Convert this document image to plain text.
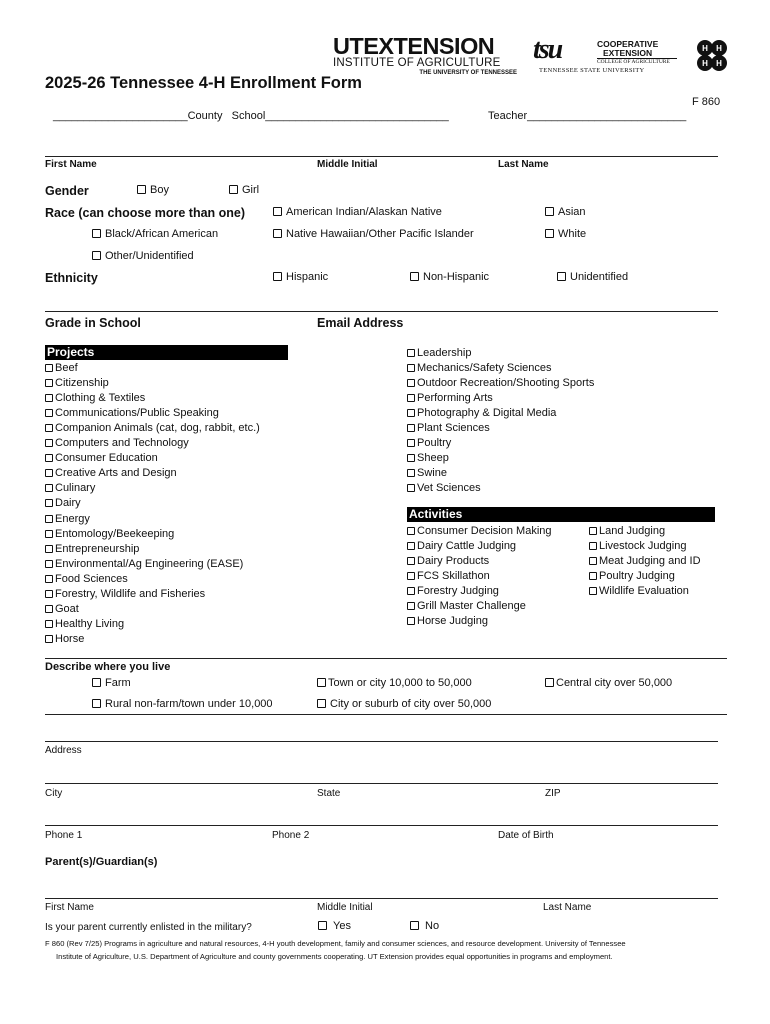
UTEXTENSION
INSTITUTE OF AGRICULTURE
THE UNIVERSITY OF TENNESSEE
tsu	COOPERATIVE
EXTENSION
COLLEGE OF AGRICULTURE
TENNESSEE STATE UNIVERSITY
H H
H H
2025-26 Tennessee 4-H Enrollment Form
F 860
______________________County School______________________________	Teacher__________________________
First Name	Middle Initial	Last Name
Gender	Boy	Girl
Race (can choose more than one)	American Indian/Alaskan Native	Asian
Black/African American	Native Hawaiian/Other Pacific Islander	White
Other/Unidentified
Ethnicity	Hispanic	Non-Hispanic	Unidentified
Grade in School	Email Address
Projects
Beef
Citizenship
Clothing & Textiles
Communications/Public Speaking
Companion Animals (cat, dog, rabbit, etc.)
Computers and Technology
Consumer Education
Creative Arts and Design
Culinary
Dairy
Energy
Entomology/Beekeeping
Entrepreneurship
Environmental/Ag Engineering (EASE)
Food Sciences
Forestry, Wildlife and Fisheries
Goat
Healthy Living
Horse
Leadership
Mechanics/Safety Sciences
Outdoor Recreation/Shooting Sports
Performing Arts
Photography & Digital Media
Plant Sciences
Poultry
Sheep
Swine
Vet Sciences
Activities
Consumer Decision Making
Dairy Cattle Judging
Dairy Products
FCS Skillathon
Forestry Judging
Grill Master Challenge
Horse Judging
Land Judging
Livestock Judging
Meat Judging and ID
Poultry Judging
Wildlife Evaluation
Describe where you live
Farm	Town or city 10,000 to 50,000	Central city over 50,000
Rural non-farm/town under 10,000	City or suburb of city over 50,000
Address
City	State	ZIP
Phone 1	Phone 2	Date of Birth
Parent(s)/Guardian(s)
First Name	Middle Initial	Last Name
Is your parent currently enlisted in the military?	Yes	No
F 860 (Rev 7/25) Programs in agriculture and natural resources, 4-H youth development, family and consumer sciences, and resource development. University of Tennessee
Institute of Agriculture, U.S. Department of Agriculture and county governments cooperating. UT Extension provides equal opportunities in programs and employment.
